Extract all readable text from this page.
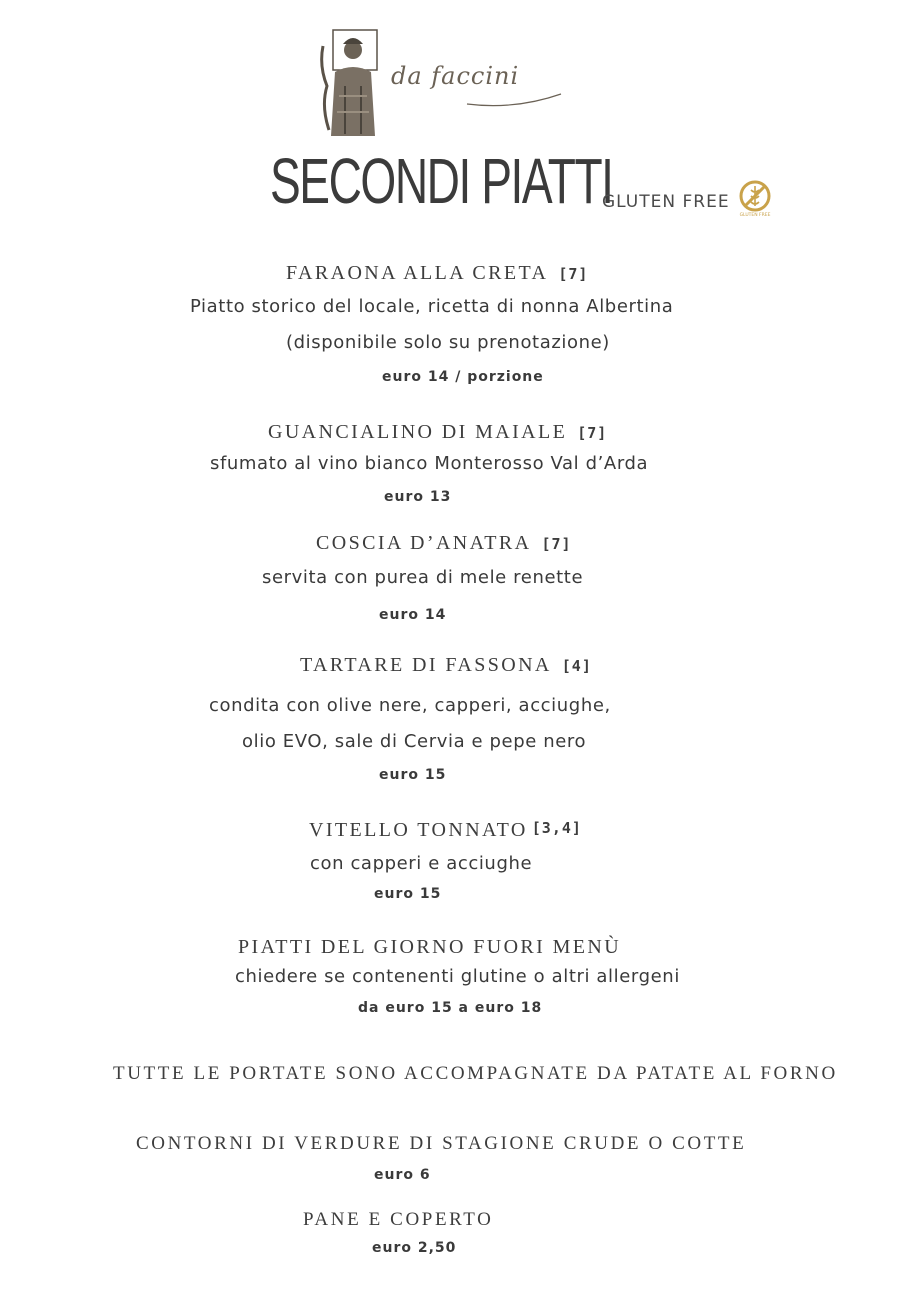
da faccini
SECONDI PIATTI
GLUTEN FREE
GLUTEN FREE
FARAONA ALLA CRETA [7]
Piatto storico del locale, ricetta di nonna Albertina
(disponibile solo su prenotazione)
euro 14 / porzione
GUANCIALINO DI MAIALE [7]
sfumato al vino bianco Monterosso Val d’Arda
euro 13
COSCIA D’ANATRA [7]
servita con purea di mele renette
euro 14
TARTARE DI FASSONA [4]
condita con olive nere, capperi, acciughe,
olio EVO, sale di Cervia e pepe nero
euro 15
VITELLO TONNATO [3,4]
con capperi e acciughe
euro 15
PIATTI DEL GIORNO FUORI MENÙ
chiedere se contenenti glutine o altri allergeni
da euro 15 a euro 18
TUTTE LE PORTATE SONO ACCOMPAGNATE DA PATATE AL FORNO
CONTORNI DI VERDURE DI STAGIONE CRUDE O COTTE
euro 6
PANE E COPERTO
euro 2,50
